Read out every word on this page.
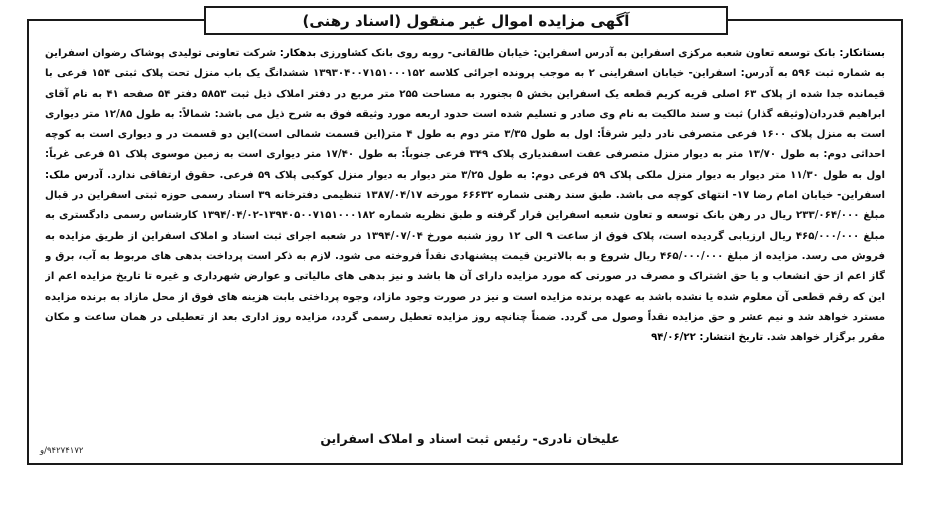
آگهی مزایده اموال غیر منقول (اسناد رهنی)
بستانکار: بانک توسعه تعاون شعبه مرکزی اسفراین به آدرس اسفراین: خیابان طالقانی- روبه روی بانک کشاورزی بدهکار: شرکت تعاونی تولیدی پوشاک رضوان اسفراین به شماره ثبت ۵۹۶ به آدرس: اسفراین- خیابان اسفراینی ۲ به موجب پرونده اجرائی کلاسه ۱۳۹۳۰۴۰۰۷۱۵۱۰۰۰۱۵۲ ششدانگ یک باب منزل تحت پلاک ثبتی ۱۵۴ فرعی با قیمانده جدا شده از پلاک ۶۳ اصلی قریه کریم قطعه یک اسفراین بخش ۵ بجنورد به مساحت ۲۵۵ متر مربع در دفتر املاک ذیل ثبت ۵۸۵۳ دفتر ۵۴ صفحه ۴۱ به نام آقای ابراهیم قدردان(وثیقه گذار) ثبت و سند مالکیت به نام وی صادر و تسلیم شده است حدود اربعه مورد وثیقه فوق به شرح ذیل می باشد: شمالاً: به طول ۱۲/۸۵ متر دیواری است به منزل پلاک ۱۶۰۰ فرعی متصرفی نادر دلیر شرقاً: اول به طول ۳/۳۵ متر دوم به طول ۴ متر(این قسمت شمالی است)این دو قسمت در و دیواری است به کوچه احداثی دوم: به طول ۱۳/۷۰ متر به دیوار منزل متصرفی عفت اسفندیاری پلاک ۳۴۹ فرعی جنوباً: به طول ۱۷/۴۰ متر دیواری است به زمین موسوی پلاک ۵۱ فرعی غرباً: اول به طول ۱۱/۳۰ متر دیوار به دیوار منزل ملکی پلاک ۵۹ فرعی دوم: به طول ۳/۲۵ متر دیوار به دیوار منزل کوکبی پلاک ۵۹ فرعی. حقوق ارتفاقی ندارد. آدرس ملک: اسفراین- خیابان امام رضا ۱۷- انتهای کوچه می باشد. طبق سند رهنی شماره ۶۶۶۳۲ مورخه ۱۳۸۷/۰۴/۱۷ تنظیمی دفترخانه ۳۹ اسناد رسمی حوزه ثبتی اسفراین در قبال مبلغ ۲۳۳/۰۶۴/۰۰۰ ریال در رهن بانک توسعه و تعاون شعبه اسفراین قرار گرفته و طبق نظریه شماره ۱۳۹۴۰۵۰۰۷۱۵۱۰۰۰۱۸۲-۱۳۹۴/۰۴/۰۲ کارشناس رسمی دادگستری به مبلغ ۴۶۵/۰۰۰/۰۰۰ ریال ارزیابی گردیده است، پلاک فوق از ساعت ۹ الی ۱۲ روز شنبه مورخ ۱۳۹۴/۰۷/۰۴ در شعبه اجرای ثبت اسناد و املاک اسفراین از طریق مزایده به فروش می رسد. مزایده از مبلغ ۴۶۵/۰۰۰/۰۰۰ ریال شروع و به بالاترین قیمت پیشنهادی نقداً فروخته می شود. لازم به ذکر است پرداخت بدهی های مربوط به آب، برق و گاز اعم از حق انشعاب و یا حق اشتراک و مصرف در صورتی که مورد مزایده دارای آن ها باشد و نیز بدهی های مالیاتی و عوارض شهرداری و غیره تا تاریخ مزایده اعم از این که رقم قطعی آن معلوم شده یا نشده باشد به عهده برنده مزایده است و نیز در صورت وجود مازاد، وجوه پرداختی بابت هزینه های فوق از محل مازاد به برنده مزایده مسترد خواهد شد و نیم عشر و حق مزایده نقداً وصول می گردد. ضمناً چنانچه روز مزایده تعطیل رسمی گردد، مزایده روز اداری بعد از تعطیلی در همان ساعت و مکان مقرر برگزار خواهد شد. تاریخ انتشار: ۹۴/۰۶/۲۲
علیخان نادری- رئیس ثبت اسناد و املاک اسفراین
۹۴۲۷۴۱۷۲/و
